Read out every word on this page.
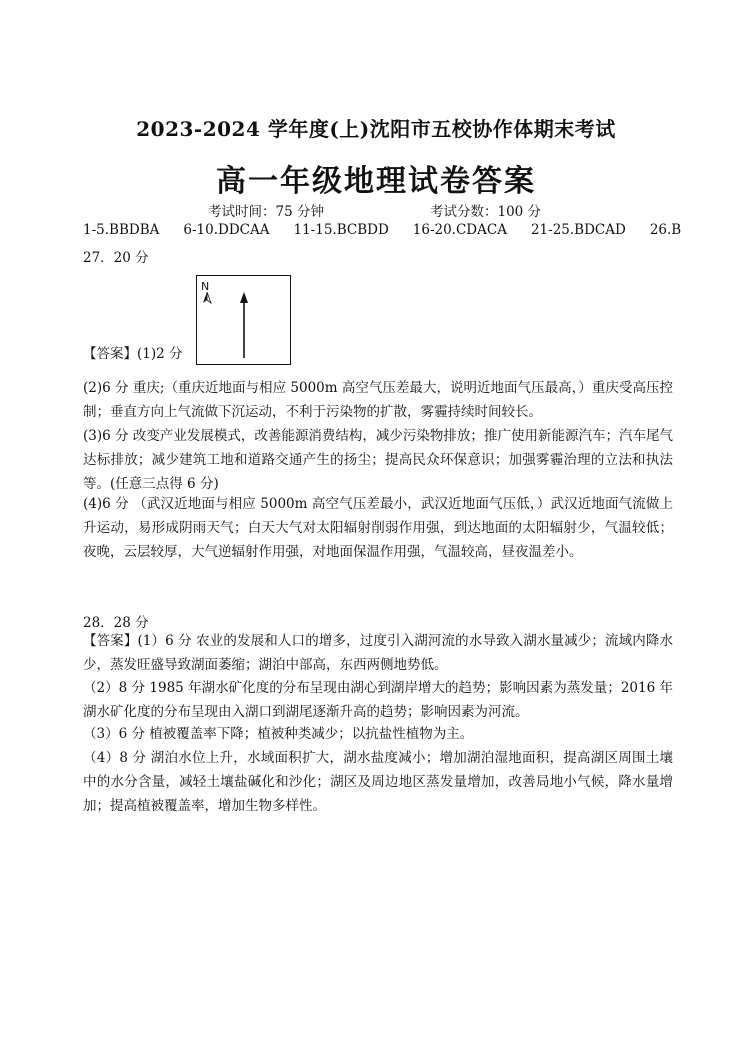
2023-2024 学年度(上)沈阳市五校协作体期末考试
高一年级地理试卷答案
考试时间：75 分钟	考试分数：100 分
1-5.BBDBA 6-10.DDCAA 11-15.BCBDD 16-20.CDACA 21-25.BDCAD 26.B
27．20 分
N
【答案】(1)2 分
(2)6 分 重庆;（重庆近地面与相应 5000m 高空气压差最大，说明近地面气压最高，）重庆受高压控制；垂直方向上气流做下沉运动，不利于污染物的扩散，雾霾持续时间较长。
(3)6 分 改变产业发展模式，改善能源消费结构，减少污染物排放；推广使用新能源汽车；汽车尾气达标排放；减少建筑工地和道路交通产生的扬尘；提高民众环保意识；加强雾霾治理的立法和执法等。(任意三点得 6 分)
(4)6 分 （武汉近地面与相应 5000m 高空气压差最小，武汉近地面气压低，）武汉近地面气流做上升运动，易形成阴雨天气；白天大气对太阳辐射削弱作用强，到达地面的太阳辐射少，气温较低；夜晚，云层较厚，大气逆辐射作用强，对地面保温作用强，气温较高，昼夜温差小。
28．28 分
【答案】(1）6 分 农业的发展和人口的增多，过度引入湖河流的水导致入湖水量减少；流域内降水少，蒸发旺盛导致湖面萎缩；湖泊中部高，东西两侧地势低。
（2）8 分 1985 年湖水矿化度的分布呈现由湖心到湖岸增大的趋势；影响因素为蒸发量；2016 年湖水矿化度的分布呈现由入湖口到湖尾逐渐升高的趋势；影响因素为河流。
（3）6 分 植被覆盖率下降；植被种类减少；以抗盐性植物为主。
（4）8 分 湖泊水位上升，水域面积扩大，湖水盐度减小；增加湖泊湿地面积，提高湖区周围土壤中的水分含量，减轻土壤盐碱化和沙化；湖区及周边地区蒸发量增加，改善局地小气候，降水量增加；提高植被覆盖率，增加生物多样性。
